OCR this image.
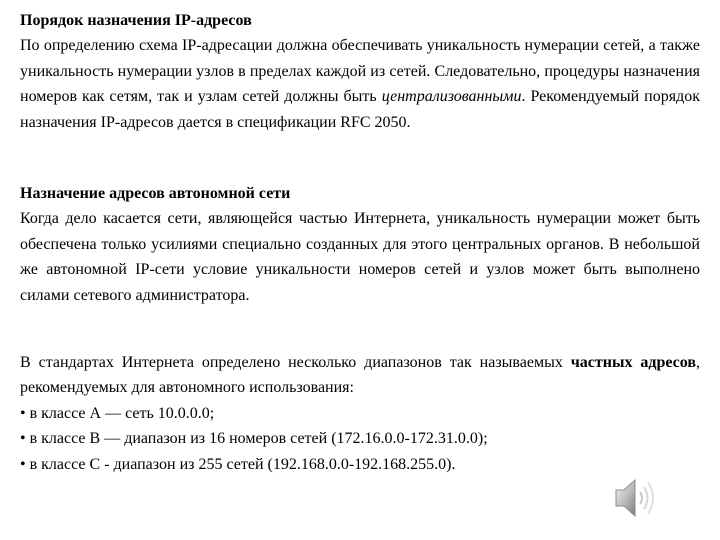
Порядок назначения IP-адресов

По определению схема IP-адресации должна обеспечивать уникальность нумерации сетей, а также уникальность нумерации узлов в пределах каждой из сетей. Следовательно, процедуры назначения номеров как сетям, так и узлам сетей должны быть централизованными. Рекомендуемый порядок назначения IP-адресов дается в спецификации RFC 2050.

Назначение адресов автономной сети

Когда дело касается сети, являющейся частью Интернета, уникальность нумерации может быть обеспечена только усилиями специально созданных для этого центральных органов. В небольшой же автономной IP-сети условие уникальности номеров сетей и узлов может быть выполнено силами сетевого администратора.

В стандартах Интернета определено несколько диапазонов так называемых частных адресов, рекомендуемых для автономного использования:

• в классе А — сеть 10.0.0.0;

• в классе В — диапазон из 16 номеров сетей (172.16.0.0-172.31.0.0);

• в классе С - диапазон из 255 сетей (192.168.0.0-192.168.255.0).
